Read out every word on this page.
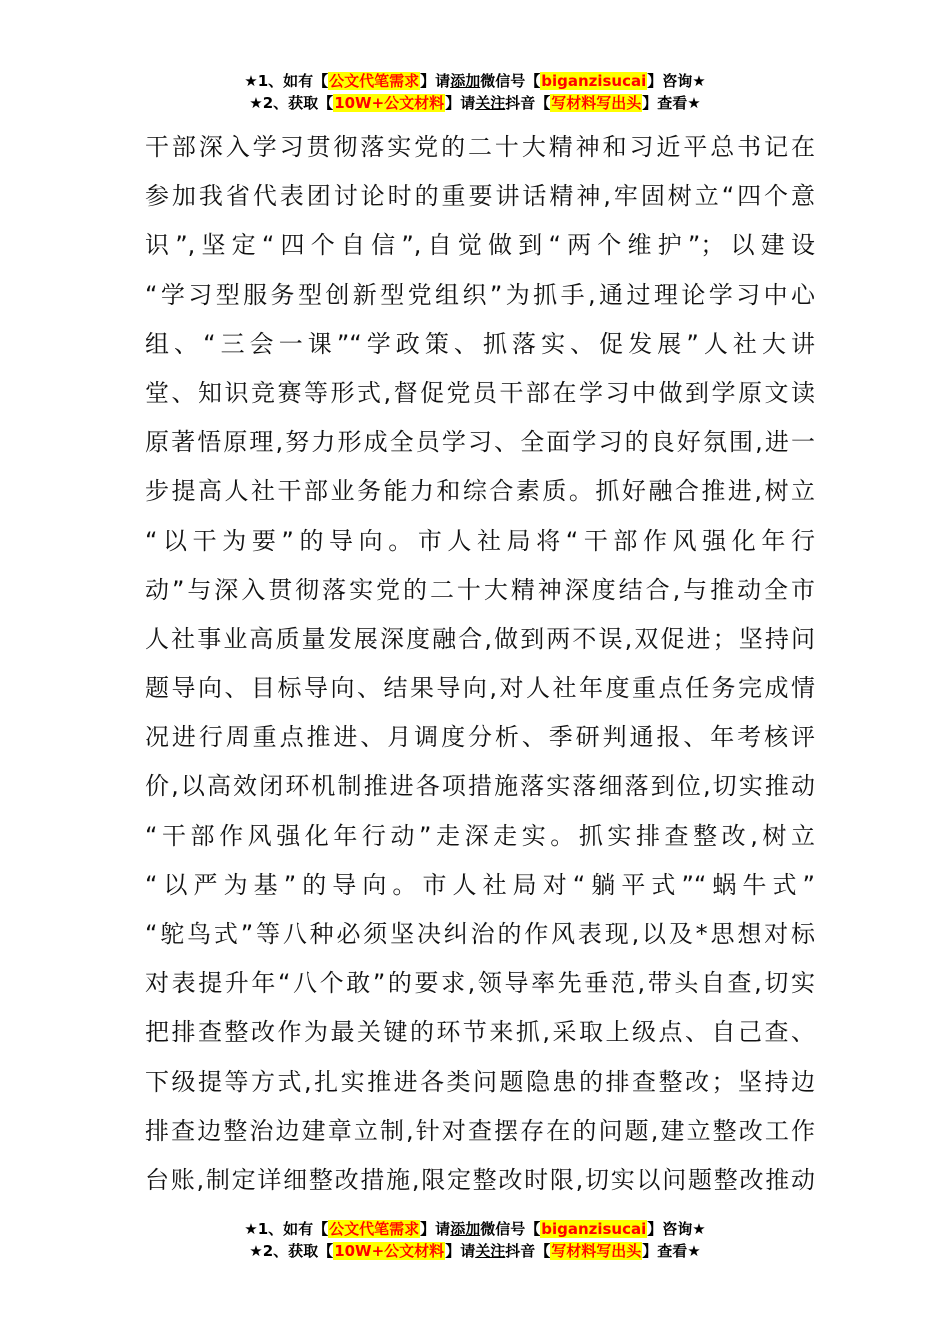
★1、如有【公文代笔需求】请添加微信号【biganzisucai】咨询★
★2、获取【10W+公文材料】请关注抖音【写材料写出头】查看★
干部深入学习贯彻落实党的二十大精神和习近平总书记在
参加我省代表团讨论时的重要讲话精神,牢固树立“四个意
识”,坚定“四个自信”,自觉做到“两个维护”；以建设
“学习型服务型创新型党组织”为抓手,通过理论学习中心
组、“三会一课”“学政策、抓落实、促发展”人社大讲
堂、知识竞赛等形式,督促党员干部在学习中做到学原文读
原著悟原理,努力形成全员学习、全面学习的良好氛围,进一
步提高人社干部业务能力和综合素质。抓好融合推进,树立
“以干为要”的导向。市人社局将“干部作风强化年行
动”与深入贯彻落实党的二十大精神深度结合,与推动全市
人社事业高质量发展深度融合,做到两不误,双促进；坚持问
题导向、目标导向、结果导向,对人社年度重点任务完成情
况进行周重点推进、月调度分析、季研判通报、年考核评
价,以高效闭环机制推进各项措施落实落细落到位,切实推动
“干部作风强化年行动”走深走实。抓实排查整改,树立
“以严为基”的导向。市人社局对“躺平式”“蜗牛式”
“鸵鸟式”等八种必须坚决纠治的作风表现,以及*思想对标
对表提升年“八个敢”的要求,领导率先垂范,带头自查,切实
把排查整改作为最关键的环节来抓,采取上级点、自己查、
下级提等方式,扎实推进各类问题隐患的排查整改；坚持边
排查边整治边建章立制,针对查摆存在的问题,建立整改工作
台账,制定详细整改措施,限定整改时限,切实以问题整改推动
★1、如有【公文代笔需求】请添加微信号【biganzisucai】咨询★
★2、获取【10W+公文材料】请关注抖音【写材料写出头】查看★
